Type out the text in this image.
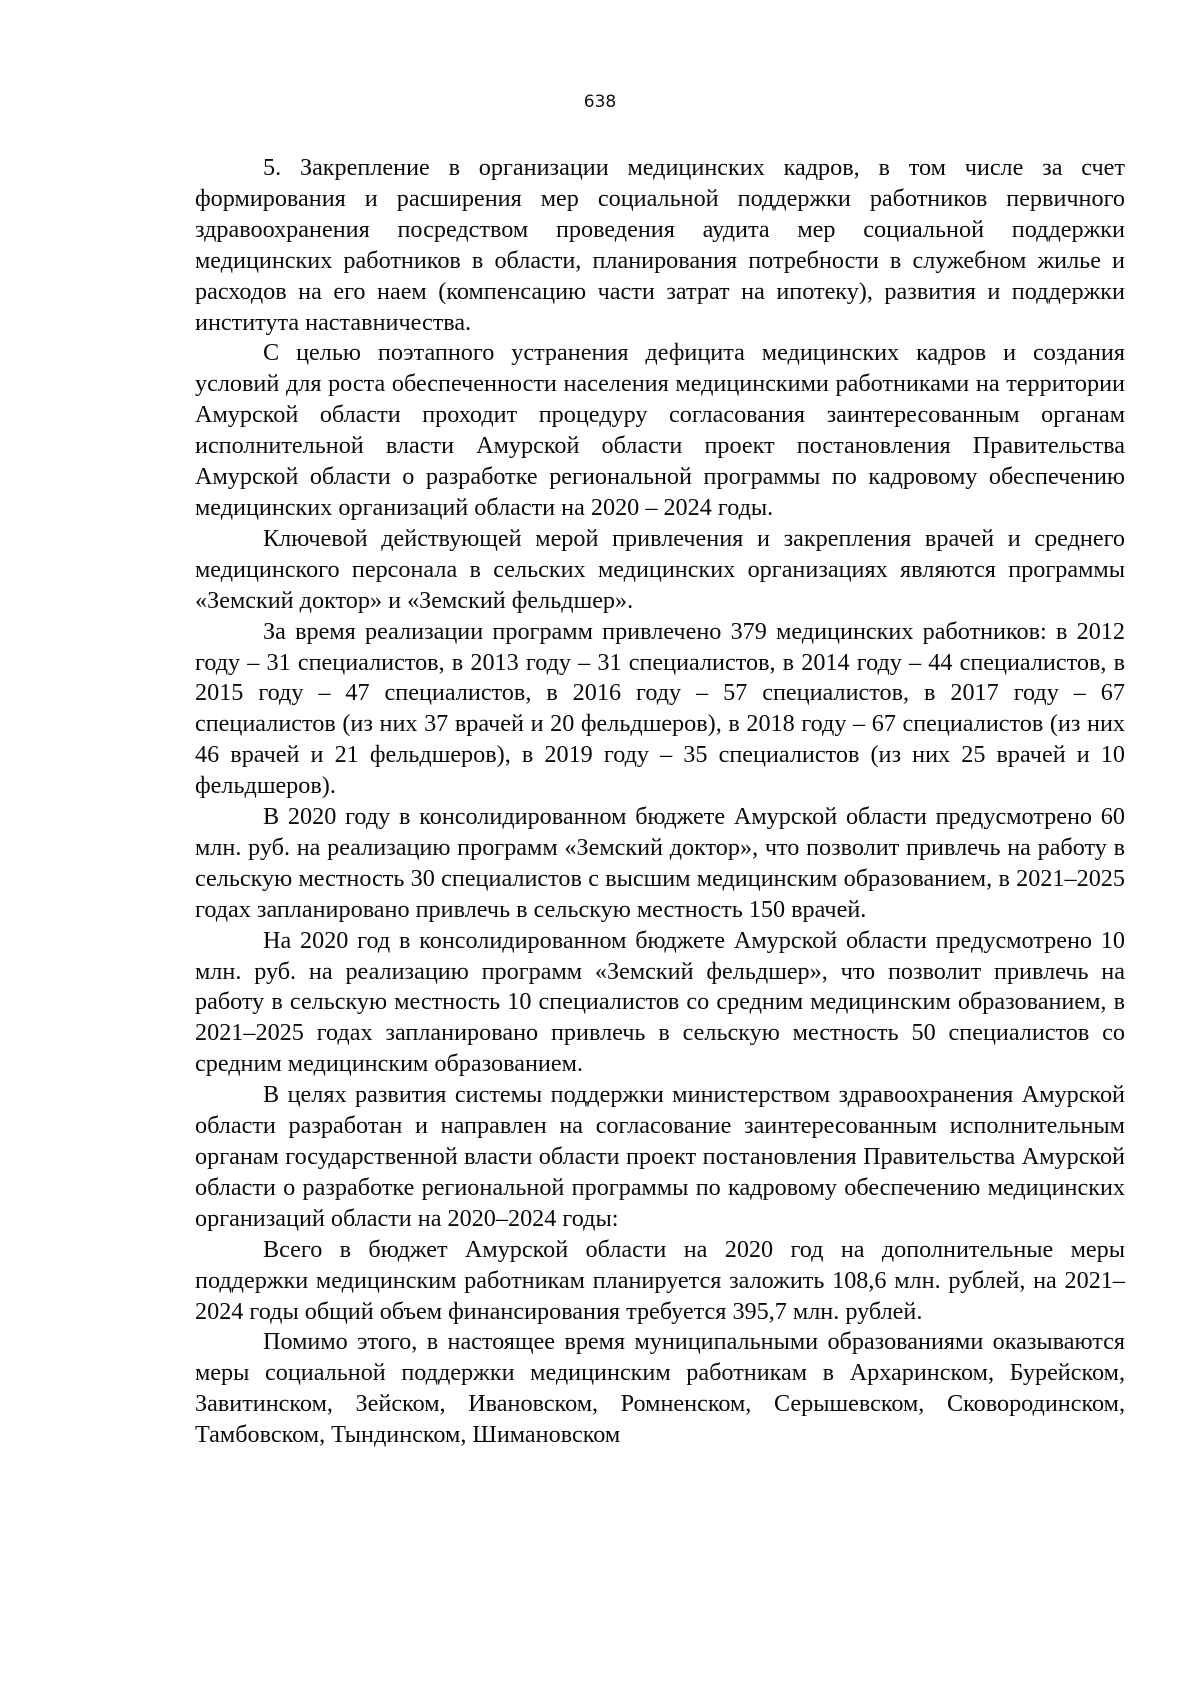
638

5. Закрепление в организации медицинских кадров, в том числе за счет формирования и расширения мер социальной поддержки работников первичного здравоохранения посредством проведения аудита мер социальной поддержки медицинских работников в области, планирования потребности в служебном жилье и расходов на его наем (компенсацию части затрат на ипотеку), развития и поддержки института наставничества.

С целью поэтапного устранения дефицита медицинских кадров и создания условий для роста обеспеченности населения медицинскими работниками на территории Амурской области проходит процедуру согласования заинтересованным органам исполнительной власти Амурской области проект постановления Правительства Амурской области о разработке региональной программы по кадровому обеспечению медицинских организаций области на 2020 – 2024 годы.

Ключевой действующей мерой привлечения и закрепления врачей и среднего медицинского персонала в сельских медицинских организациях являются программы «Земский доктор» и «Земский фельдшер».

За время реализации программ привлечено 379 медицинских работников: в 2012 году – 31 специалистов, в 2013 году – 31 специалистов, в 2014 году – 44 специалистов, в 2015 году – 47 специалистов, в 2016 году – 57 специалистов, в 2017 году – 67 специалистов (из них 37 врачей и 20 фельдшеров), в 2018 году – 67 специалистов (из них 46 врачей и 21 фельдшеров), в 2019 году – 35 специалистов (из них 25 врачей и 10 фельдшеров).

В 2020 году в консолидированном бюджете Амурской области предусмотрено 60 млн. руб. на реализацию программ «Земский доктор», что позволит привлечь на работу в сельскую местность 30 специалистов с высшим медицинским образованием, в 2021–2025 годах запланировано привлечь в сельскую местность 150 врачей.

На 2020 год в консолидированном бюджете Амурской области предусмотрено 10 млн. руб. на реализацию программ «Земский фельдшер», что позволит привлечь на работу в сельскую местность 10 специалистов со средним медицинским образованием, в 2021–2025 годах запланировано привлечь в сельскую местность 50 специалистов со средним медицинским образованием.

В целях развития системы поддержки министерством здравоохранения Амурской области разработан и направлен на согласование заинтересованным исполнительным органам государственной власти области проект постановления Правительства Амурской области о разработке региональной программы по кадровому обеспечению медицинских организаций области на 2020–2024 годы:

Всего в бюджет Амурской области на 2020 год на дополнительные меры поддержки медицинским работникам планируется заложить 108,6 млн. рублей, на 2021–2024 годы общий объем финансирования требуется 395,7 млн. рублей.

Помимо этого, в настоящее время муниципальными образованиями оказываются меры социальной поддержки медицинским работникам в Архаринском, Бурейском, Завитинском, Зейском, Ивановском, Ромненском, Серышевском, Сковородинском, Тамбовском, Тындинском, Шимановском
